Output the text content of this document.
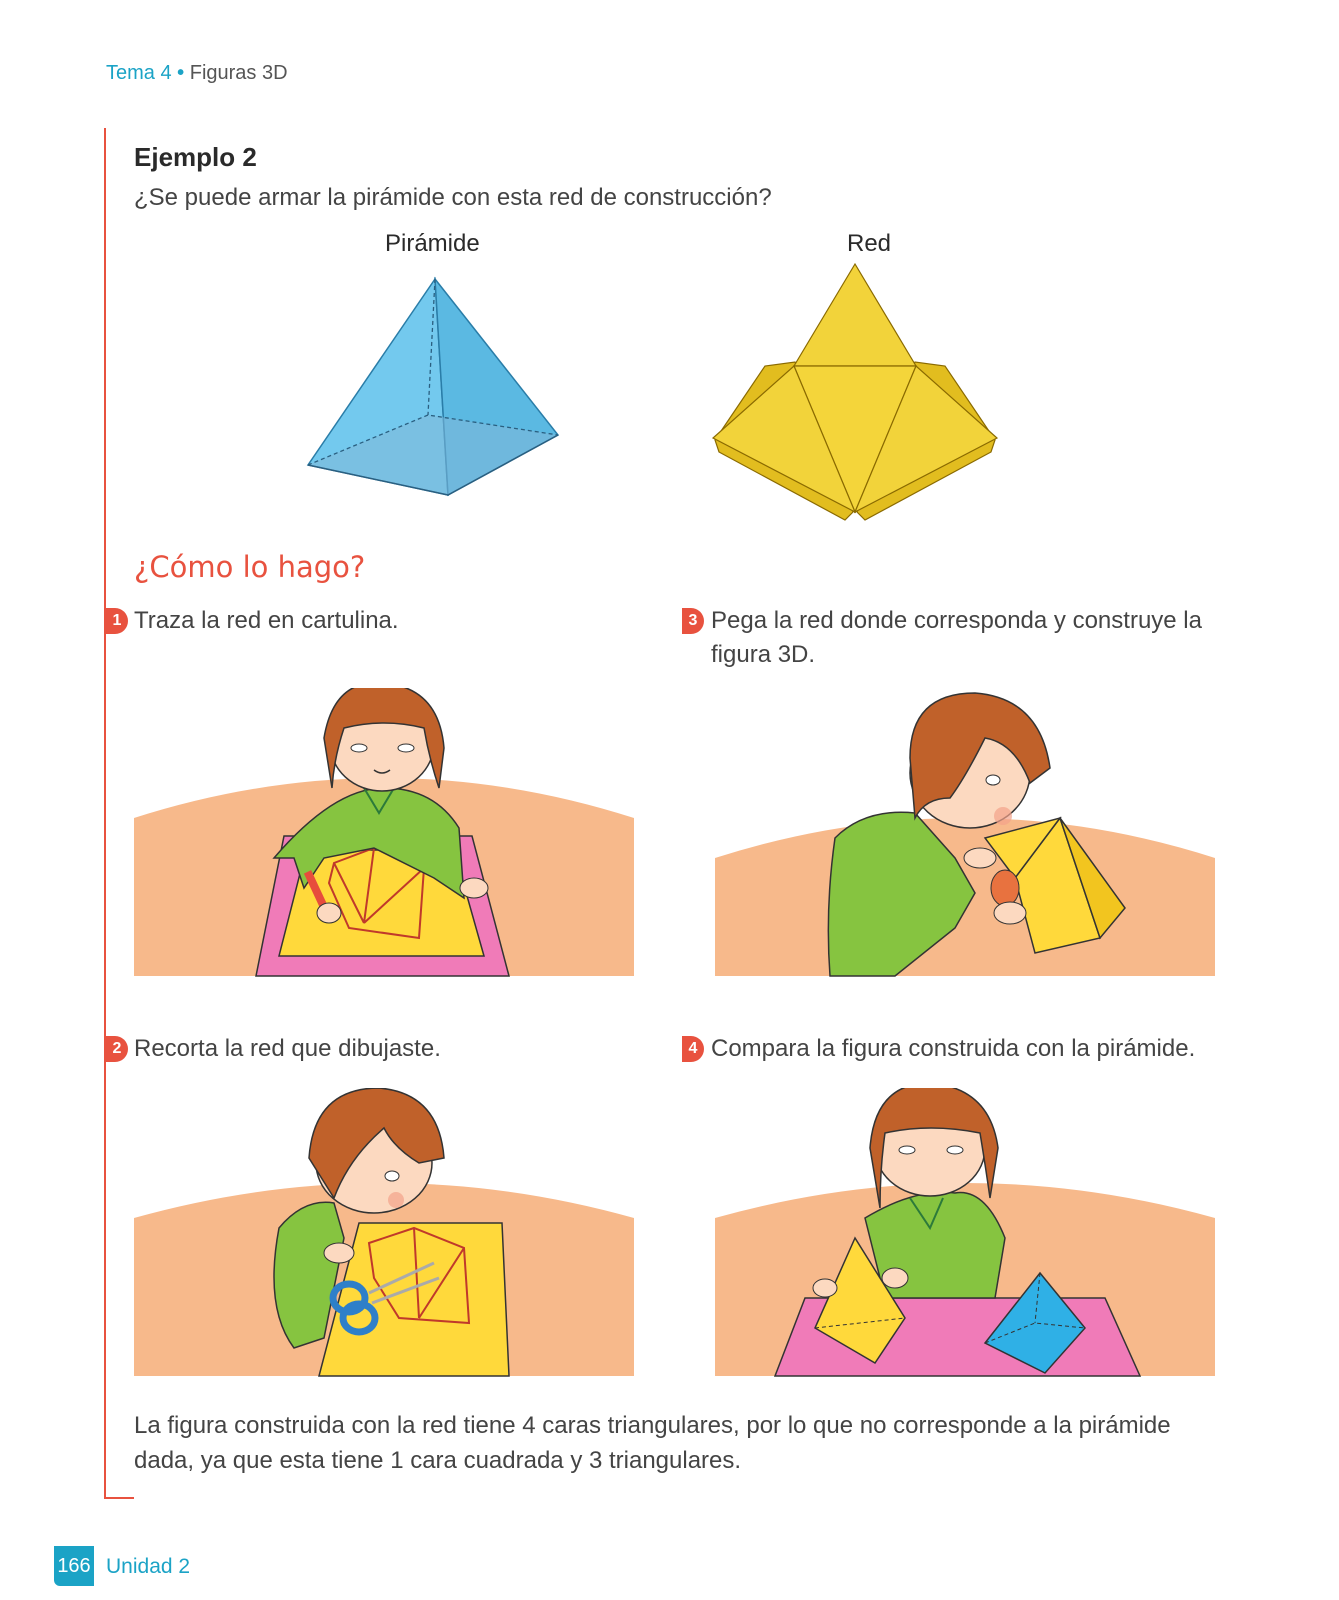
Tema 4 • Figuras 3D
Ejemplo 2
¿Se puede armar la pirámide con esta red de construcción?
Pirámide	Red
¿Cómo lo hago?
1 Traza la red en cartulina.	3 Pega la red donde corresponda y construye la figura 3D.
2 Recorta la red que dibujaste.	4 Compara la figura construida con la pirámide.
La figura construida con la red tiene 4 caras triangulares, por lo que no corresponde a la pirámide dada, ya que esta tiene 1 cara cuadrada y 3 triangulares.
166 Unidad 2
